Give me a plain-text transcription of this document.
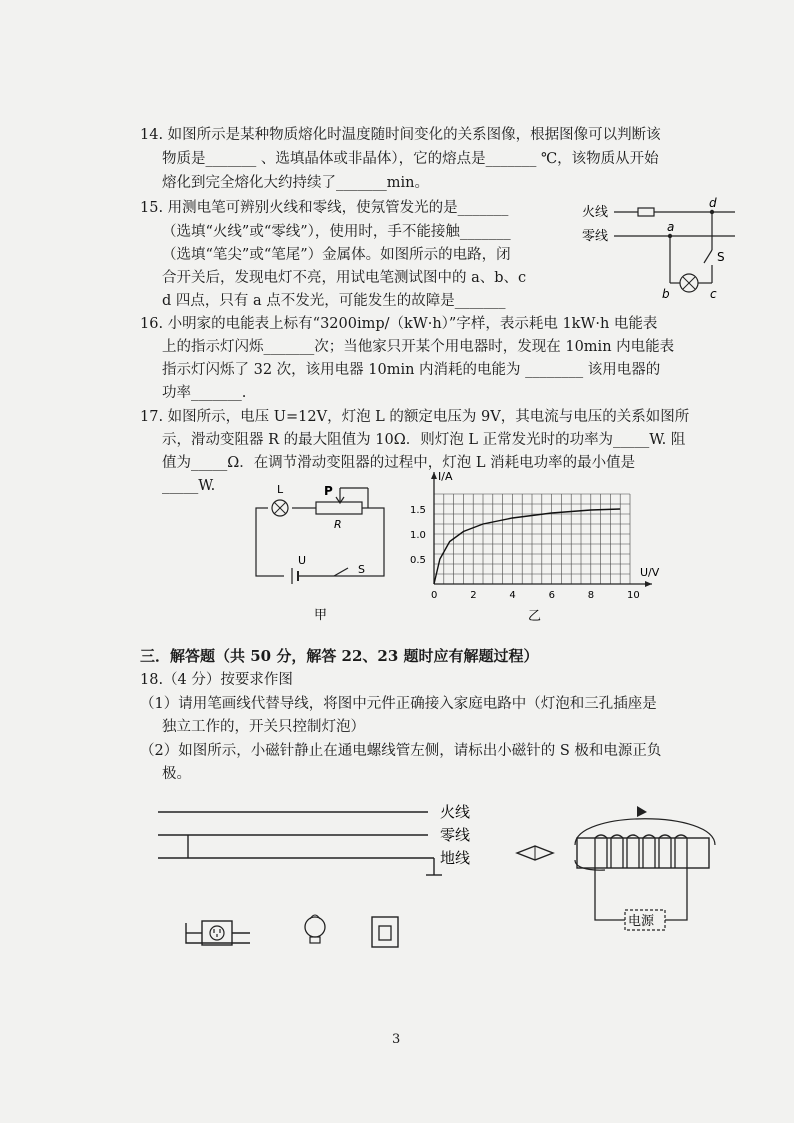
14. 如图所示是某种物质熔化时温度随时间变化的关系图像，根据图像可以判断该
物质是_______ 、选填晶体或非晶体），它的熔点是_______ ℃，该物质从开始
熔化到完全熔化大约持续了_______min。
15. 用测电笔可辨别火线和零线，使氖管发光的是_______
（选填“火线”或“零线”），使用时，手不能接触_______
（选填“笔尖”或“笔尾”）金属体。如图所示的电路，闭
合开关后，发现电灯不亮，用试电笔测试图中的 a、b、c
d 四点，只有 a 点不发光，可能发生的故障是_______
火线
零线
a
d
S
b	c
16. 小明家的电能表上标有“3200imp/（kW·h）”字样，表示耗电 1kW·h 电能表
上的指示灯闪烁_______次；当他家只开某个用电器时，发现在 10min 内电能表
指示灯闪烁了 32 次，该用电器 10min 内消耗的电能为 ________ 该用电器的
功率_______.
17. 如图所示，电压 U=12V，灯泡 L 的额定电压为 9V，其电流与电压的关系如图所
示，滑动变阻器 R 的最大阻值为 10Ω．则灯泡 L 正常发光时的功率为_____W. 阻
值为_____Ω．在调节滑动变阻器的过程中，灯泡 L 消耗电功率的最小值是
_____W.	L	P
R
U
S
甲
I/A
U/V
0	2	4	6	8	10
0.5
1.0
1.5
乙
三．解答题（共 50 分，解答 22、23 题时应有解题过程）
18.（4 分）按要求作图
（1）请用笔画线代替导线，将图中元件正确接入家庭电路中（灯泡和三孔插座是
独立工作的，开关只控制灯泡）
（2）如图所示，小磁针静止在通电螺线管左侧，请标出小磁针的 S 极和电源正负
极。
火线
零线
地线
电源
3
